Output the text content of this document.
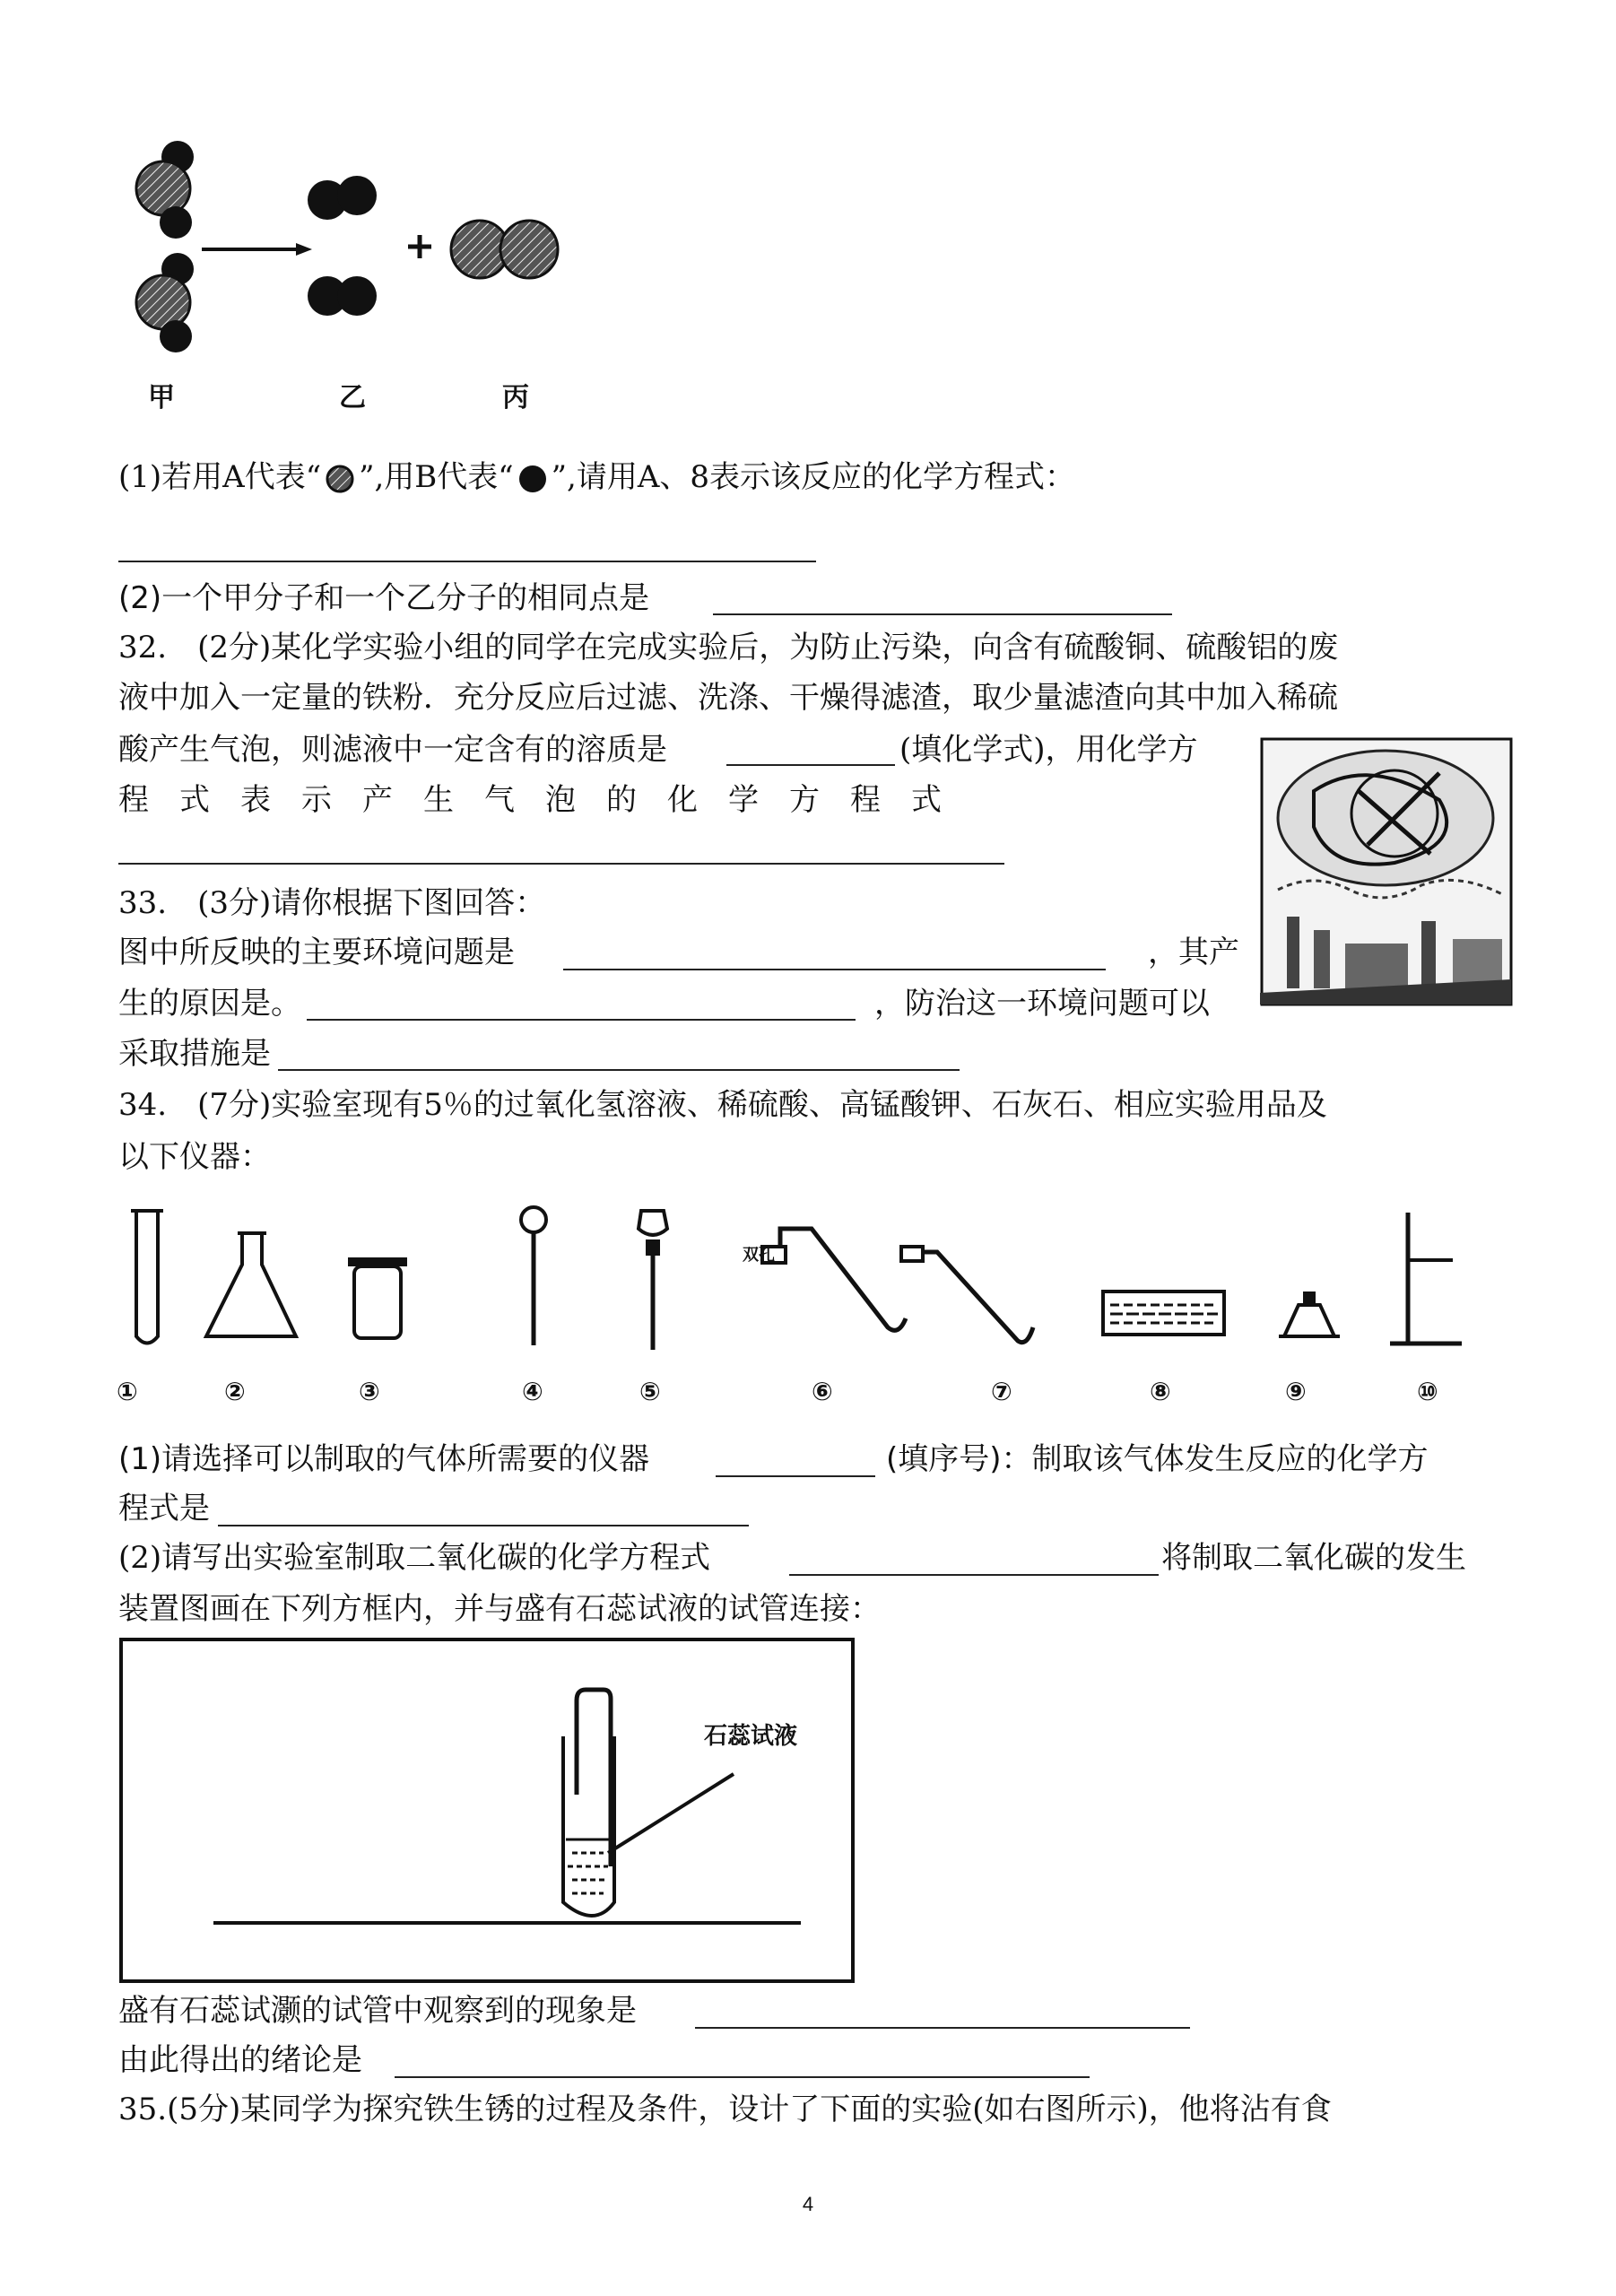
甲	乙	丙
(1)若用A代表“ ”,用B代表“ ”,请用A、8表示该反应的化学方程式：
(2)一个甲分子和一个乙分子的相同点是
32.　(2分)某化学实验小组的同学在完成实验后，为防止污染，向含有硫酸铜、硫酸铝的废
液中加入一定量的铁粉．充分反应后过滤、洗涤、干燥得滤渣，取少量滤渣向其中加入稀硫
酸产生气泡，则滤液中一定含有的溶质是	(填化学式)，用化学方
程　式　表　示　产　生　气　泡　的　化　学　方　程　式
33.　(3分)请你根据下图回答：
图中所反映的主要环境问题是	，其产
生的原因是。	，防治这一环境问题可以
采取措施是
34.　(7分)实验室现有5％的过氧化氢溶液、稀硫酸、高锰酸钾、石灰石、相应实验用品及
以下仪器：
双孔
①	②	③	④	⑤	⑥	⑦	⑧	⑨	⑩
(1)请选择可以制取的气体所需要的仪器	(填序号)：制取该气体发生反应的化学方
程式是
(2)请写出实验室制取二氧化碳的化学方程式	将制取二氧化碳的发生
装置图画在下列方框内，并与盛有石蕊试液的试管连接：
石蕊试液
盛有石蕊试灏的试管中观察到的现象是
由此得出的绪论是
35.(5分)某同学为探究铁生锈的过程及条件，设计了下面的实验(如右图所示)，他将沾有食
4
